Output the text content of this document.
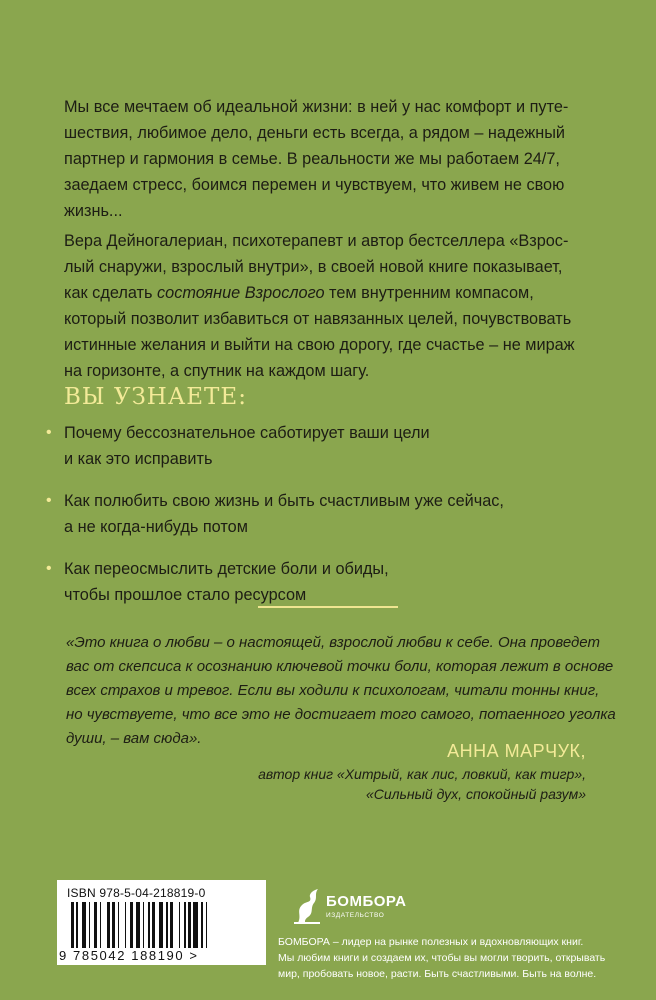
Мы все мечтаем об идеальной жизни: в ней у нас комфорт и путе-
шествия, любимое дело, деньги есть всегда, а рядом – надежный
партнер и гармония в семье. В реальности же мы работаем 24/7,
заедаем стресс, боимся перемен и чувствуем, что живем не свою
жизнь...

Вера Дейногалериан, психотерапевт и автор бестселлера «Взрос-
лый снаружи, взрослый внутри», в своей новой книге показывает,
как сделать состояние Взрослого тем внутренним компасом,
который позволит избавиться от навязанных целей, почувствовать
истинные желания и выйти на свою дорогу, где счастье – не мираж
на горизонте, а спутник на каждом шагу.

ВЫ УЗНАЕТЕ:
• Почему бессознательное саботирует ваши цели
и как это исправить
• Как полюбить свою жизнь и быть счастливым уже сейчас,
а не когда-нибудь потом
• Как переосмыслить детские боли и обиды,
чтобы прошлое стало ресурсом

«Это книга о любви – о настоящей, взрослой любви к себе. Она проведет
вас от скепсиса к осознанию ключевой точки боли, которая лежит в основе
всех страхов и тревог. Если вы ходили к психологам, читали тонны книг,
но чувствуете, что все это не достигает того самого, потаенного уголка
души, – вам сюда».

АННА МАРЧУК,
автор книг «Хитрый, как лис, ловкий, как тигр»,
«Сильный дух, спокойный разум»
ISBN 978-5-04-218819-0
9 785042 188190 >
БОМБОРА
ИЗДАТЕЛЬСТВО

БОМБОРА – лидер на рынке полезных и вдохновляющих книг.
Мы любим книги и создаем их, чтобы вы могли творить, открывать
мир, пробовать новое, расти. Быть счастливыми. Быть на волне.
